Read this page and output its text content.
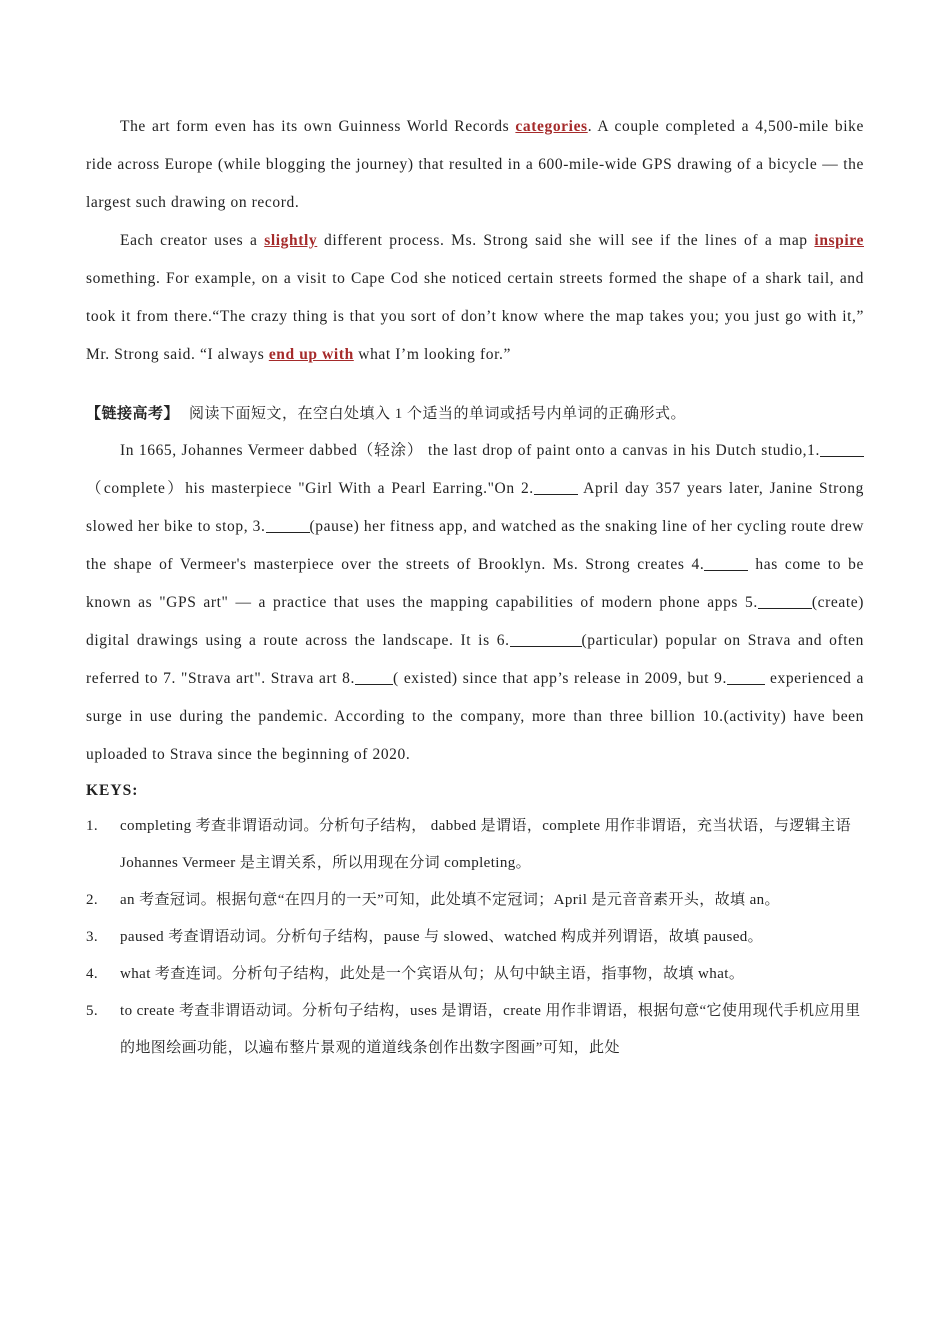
The art form even has its own Guinness World Records categories. A couple completed a 4,500-mile bike ride across Europe (while blogging the journey) that resulted in a 600-mile-wide GPS drawing of a bicycle — the largest such drawing on record.

Each creator uses a slightly different process. Ms. Strong said she will see if the lines of a map inspire something. For example, on a visit to Cape Cod she noticed certain streets formed the shape of a shark tail, and took it from there.“The crazy thing is that you sort of don’t know where the map takes you; you just go with it,” Mr. Strong said. “I always end up with what I’m looking for.”

【链接高考】 阅读下面短文，在空白处填入 1 个适当的单词或括号内单词的正确形式。

In 1665, Johannes Vermeer dabbed（轻涂） the last drop of paint onto a canvas in his Dutch studio,1.（complete）his masterpiece "Girl With a Pearl Earring."On 2.	April day 357 years later, Janine Strong slowed her bike to stop, 3.	(pause) her fitness app, and watched as the snaking line of her cycling route drew the shape of Vermeer's masterpiece over the streets of Brooklyn. Ms. Strong creates 4.	has come to be known as "GPS art" — a practice that uses the mapping capabilities of modern phone apps 5.	(create) digital drawings using a route across the landscape. It is 6.	(particular) popular on Strava and often referred to 7. "Strava art". Strava art 8. ( existed) since that app’s release in 2009, but 9. experienced a surge in use during the pandemic. According to the company, more than three billion 10.(activity) have been uploaded to Strava since the beginning of 2020.

KEYS:

1.	completing 考查非谓语动词。分析句子结构， dabbed 是谓语，complete 用作非谓语，充当状语，与逻辑主语 Johannes Vermeer 是主谓关系，所以用现在分词 completing。
2.	an 考查冠词。根据句意“在四月的一天”可知，此处填不定冠词；April 是元音音素开头，故填 an。
3.	paused 考查谓语动词。分析句子结构，pause 与 slowed、watched 构成并列谓语，故填 paused。
4.	what 考查连词。分析句子结构，此处是一个宾语从句；从句中缺主语，指事物，故填 what。
5.	to create 考查非谓语动词。分析句子结构，uses 是谓语，create 用作非谓语，根据句意“它使用现代手机应用里的地图绘画功能，以遍布整片景观的道道线条创作出数字图画”可知，此处
